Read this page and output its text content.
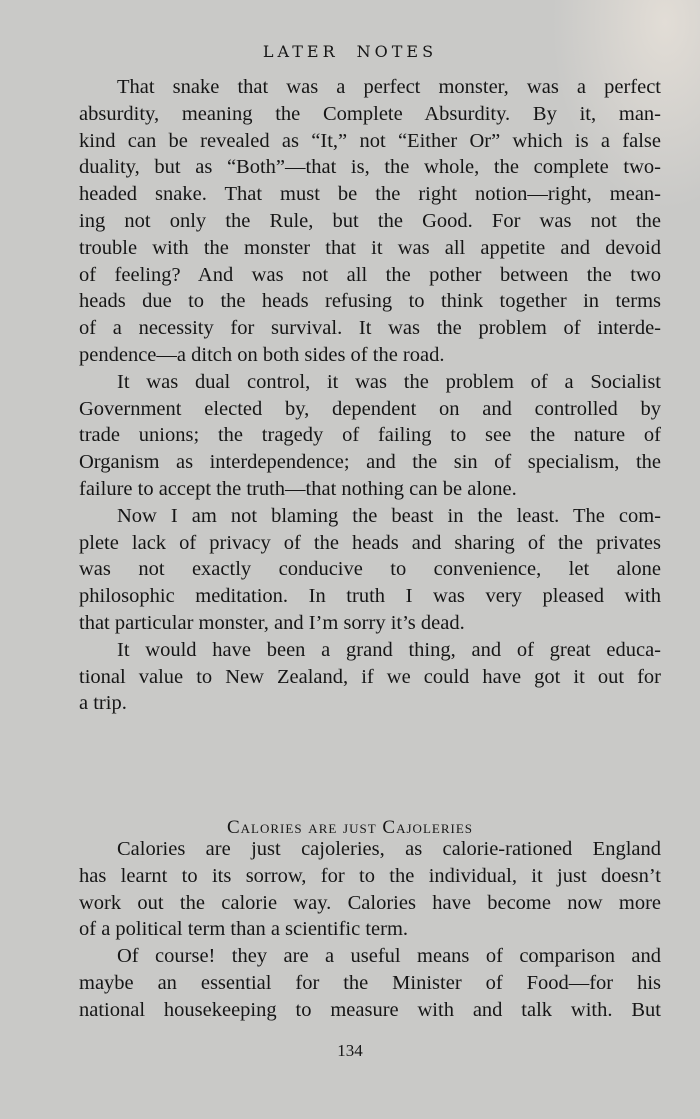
LATER NOTES
That snake that was a perfect monster, was a perfect
absurdity, meaning the Complete Absurdity. By it, man-
kind can be revealed as “It,” not “Either Or” which is a false
duality, but as “Both”—that is, the whole, the complete two-
headed snake. That must be the right notion—right, mean-
ing not only the Rule, but the Good. For was not the
trouble with the monster that it was all appetite and devoid
of feeling? And was not all the pother between the two
heads due to the heads refusing to think together in terms
of a necessity for survival. It was the problem of interde-
pendence—a ditch on both sides of the road.
It was dual control, it was the problem of a Socialist
Government elected by, dependent on and controlled by
trade unions; the tragedy of failing to see the nature of
Organism as interdependence; and the sin of specialism, the
failure to accept the truth—that nothing can be alone.
Now I am not blaming the beast in the least. The com-
plete lack of privacy of the heads and sharing of the privates
was not exactly conducive to convenience, let alone
philosophic meditation. In truth I was very pleased with
that particular monster, and I’m sorry it’s dead.
It would have been a grand thing, and of great educa-
tional value to New Zealand, if we could have got it out for
a trip.
Calories are just Cajoleries
Calories are just cajoleries, as calorie-rationed England
has learnt to its sorrow, for to the individual, it just doesn’t
work out the calorie way. Calories have become now more
of a political term than a scientific term.
Of course! they are a useful means of comparison and
maybe an essential for the Minister of Food—for his
national housekeeping to measure with and talk with. But
134
